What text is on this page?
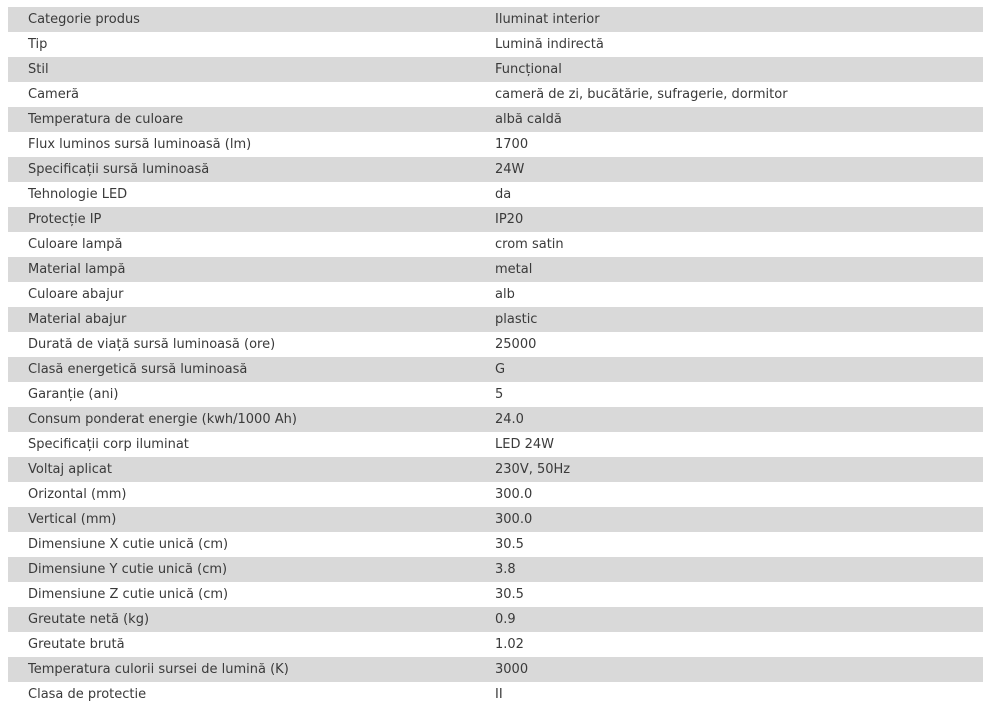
Categorie produs	Iluminat interior
Tip	Lumină indirectă
Stil	Funcțional
Cameră	cameră de zi, bucătărie, sufragerie, dormitor
Temperatura de culoare	albă caldă
Flux luminos sursă luminoasă (lm)	1700
Specificații sursă luminoasă	24W
Tehnologie LED	da
Protecție IP	IP20
Culoare lampă	crom satin
Material lampă	metal
Culoare abajur	alb
Material abajur	plastic
Durată de viață sursă luminoasă (ore)	25000
Clasă energetică sursă luminoasă	G
Garanție (ani)	5
Consum ponderat energie (kwh/1000 Ah)	24.0
Specificații corp iluminat	LED 24W
Voltaj aplicat	230V, 50Hz
Orizontal (mm)	300.0
Vertical (mm)	300.0
Dimensiune X cutie unică (cm)	30.5
Dimensiune Y cutie unică (cm)	3.8
Dimensiune Z cutie unică (cm)	30.5
Greutate netă (kg)	0.9
Greutate brută	1.02
Temperatura culorii sursei de lumină (K)	3000
Clasa de protectie	II
